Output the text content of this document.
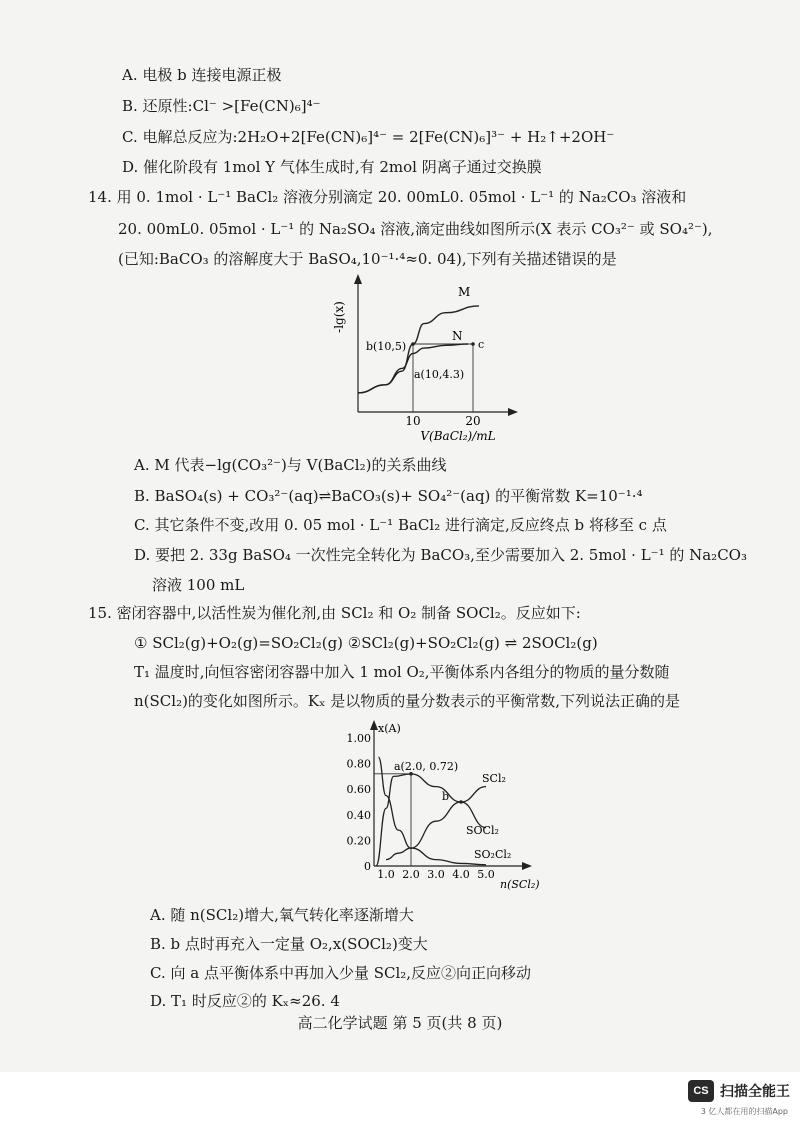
A. 电极 b 连接电源正极
B. 还原性:Cl⁻ >[Fe(CN)₆]⁴⁻
C. 电解总反应为:2H₂O+2[Fe(CN)₆]⁴⁻ = 2[Fe(CN)₆]³⁻ + H₂↑+2OH⁻
D. 催化阶段有 1mol Y 气体生成时,有 2mol 阴离子通过交换膜
14. 用 0. 1mol · L⁻¹ BaCl₂ 溶液分别滴定 20. 00mL0. 05mol · L⁻¹ 的 Na₂CO₃ 溶液和
20. 00mL0. 05mol · L⁻¹ 的 Na₂SO₄ 溶液,滴定曲线如图所示(X 表示 CO₃²⁻ 或 SO₄²⁻),
(已知:BaCO₃ 的溶解度大于 BaSO₄,10⁻¹·⁴≈0. 04),下列有关描述错误的是
-lg(x)
M
N
b(10,5)
a(10,4.3)
c
10	20
V(BaCl₂)/mL
A. M 代表−lg(CO₃²⁻)与 V(BaCl₂)的关系曲线
B. BaSO₄(s) + CO₃²⁻(aq)⇌BaCO₃(s)+ SO₄²⁻(aq) 的平衡常数 K=10⁻¹·⁴
C. 其它条件不变,改用 0. 05 mol · L⁻¹ BaCl₂ 进行滴定,反应终点 b 将移至 c 点
D. 要把 2. 33g BaSO₄ 一次性完全转化为 BaCO₃,至少需要加入 2. 5mol · L⁻¹ 的 Na₂CO₃
溶液 100 mL
15. 密闭容器中,以活性炭为催化剂,由 SCl₂ 和 O₂ 制备 SOCl₂。反应如下:
① SCl₂(g)+O₂(g)=SO₂Cl₂(g) ②SCl₂(g)+SO₂Cl₂(g) ⇌ 2SOCl₂(g)
T₁ 温度时,向恒容密闭容器中加入 1 mol O₂,平衡体系内各组分的物质的量分数随
n(SCl₂)的变化如图所示。Kₓ 是以物质的量分数表示的平衡常数,下列说法正确的是
1.00
0.80
0.60
0.40
0.20
0
1.0 2.0 3.0 4.0 5.0
x(A)
a(2.0, 0.72)
b
SCl₂
SOCl₂
SO₂Cl₂
n(SCl₂)
A. 随 n(SCl₂)增大,氧气转化率逐渐增大
B. b 点时再充入一定量 O₂,x(SOCl₂)变大
C. 向 a 点平衡体系中再加入少量 SCl₂,反应②向正向移动
D. T₁ 时反应②的 Kₓ≈26. 4
高二化学试题 第 5 页(共 8 页)
CS 扫描全能王
3 亿人都在用的扫描App
